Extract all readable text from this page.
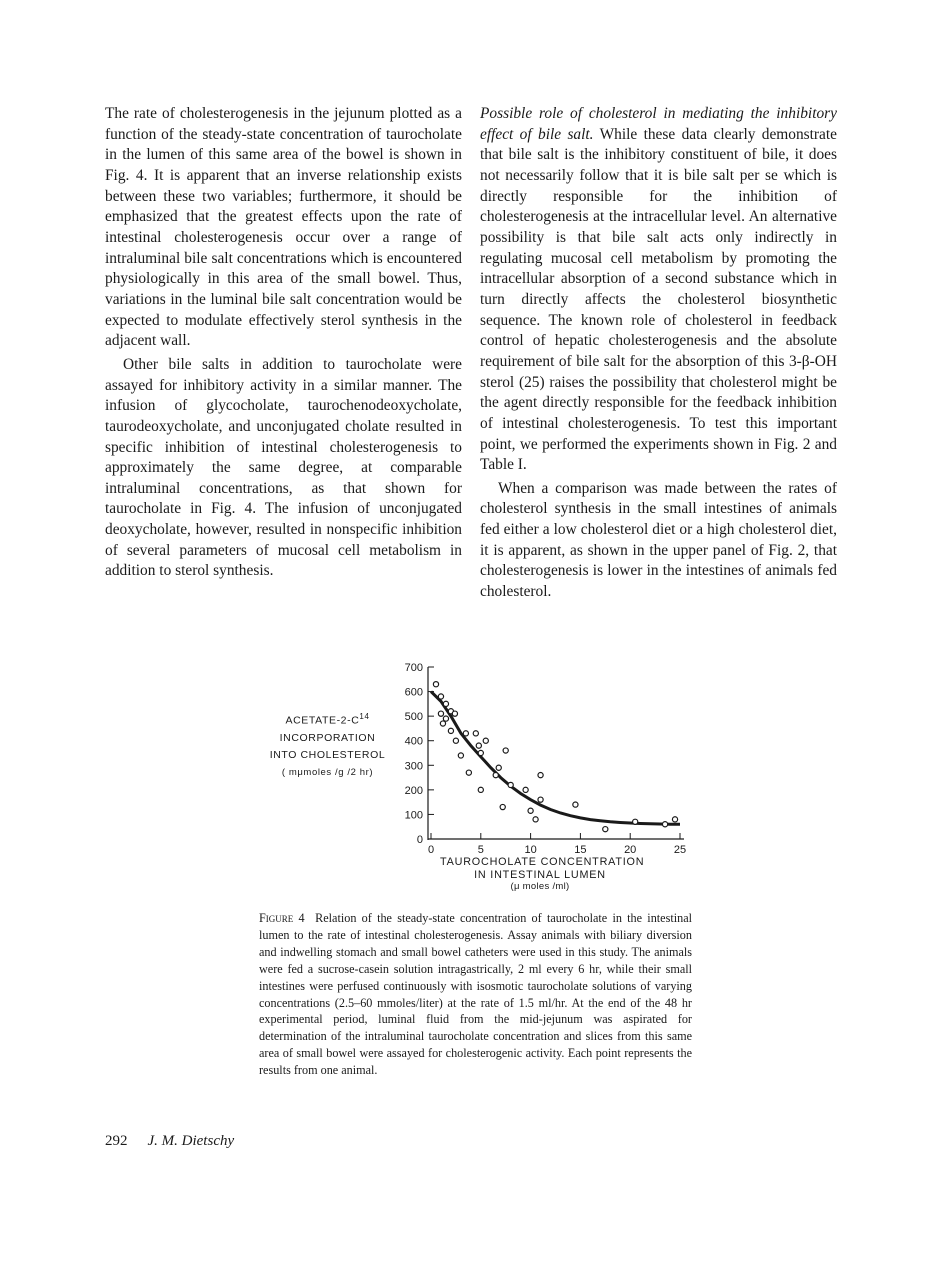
The rate of cholesterogenesis in the jejunum plotted as a function of the steady-state concentration of taurocholate in the lumen of this same area of the bowel is shown in Fig. 4. It is apparent that an inverse relationship exists between these two variables; furthermore, it should be emphasized that the greatest effects upon the rate of intestinal cholesterogenesis occur over a range of intraluminal bile salt concentrations which is encountered physiologically in this area of the small bowel. Thus, variations in the luminal bile salt concentration would be expected to modulate effectively sterol synthesis in the adjacent wall.

Other bile salts in addition to taurocholate were assayed for inhibitory activity in a similar manner. The infusion of glycocholate, taurochenodeoxycholate, taurodeoxycholate, and unconjugated cholate resulted in specific inhibition of intestinal cholesterogenesis to approximately the same degree, at comparable intraluminal concentrations, as that shown for taurocholate in Fig. 4. The infusion of unconjugated deoxycholate, however, resulted in nonspecific inhibition of several parameters of mucosal cell metabolism in addition to sterol synthesis.

Possible role of cholesterol in mediating the inhibitory effect of bile salt. While these data clearly demonstrate that bile salt is the inhibitory constituent of bile, it does not necessarily follow that it is bile salt per se which is directly responsible for the inhibition of cholesterogenesis at the intracellular level. An alternative possibility is that bile salt acts only indirectly in regulating mucosal cell metabolism by promoting the intracellular absorption of a second substance which in turn directly affects the cholesterol biosynthetic sequence. The known role of cholesterol in feedback control of hepatic cholesterogenesis and the absolute requirement of bile salt for the absorption of this 3-β-OH sterol (25) raises the possibility that cholesterol might be the agent directly responsible for the feedback inhibition of intestinal cholesterogenesis. To test this important point, we performed the experiments shown in Fig. 2 and Table I.

When a comparison was made between the rates of cholesterol synthesis in the small intestines of animals fed either a low cholesterol diet or a high cholesterol diet, it is apparent, as shown in the upper panel of Fig. 2, that cholesterogenesis is lower in the intestines of animals fed cholesterol.

0
100
200
300
400
500
600
700
0	5	10	15	20	25
ACETATE-$2-C^{14}$
INCORPORATION
INTO CHOLESTEROL
( mμmoles /g /2 hr)
TAUROCHOLATE CONCENTRATION
IN INTESTINAL LUMEN
(μ moles /ml)
Figure 4 Relation of the steady-state concentration of taurocholate in the intestinal lumen to the rate of intestinal cholesterogenesis. Assay animals with biliary diversion and indwelling stomach and small bowel catheters were used in this study. The animals were fed a sucrose-casein solution intragastrically, 2 ml every 6 hr, while their small intestines were perfused continuously with isosmotic taurocholate solutions of varying concentrations (2.5–60 mmoles/liter) at the rate of 1.5 ml/hr. At the end of the 48 hr experimental period, luminal fluid from the mid-jejunum was aspirated for determination of the intraluminal taurocholate concentration and slices from this same area of small bowel were assayed for cholesterogenic activity. Each point represents the results from one animal.
292 J. M. Dietschy
